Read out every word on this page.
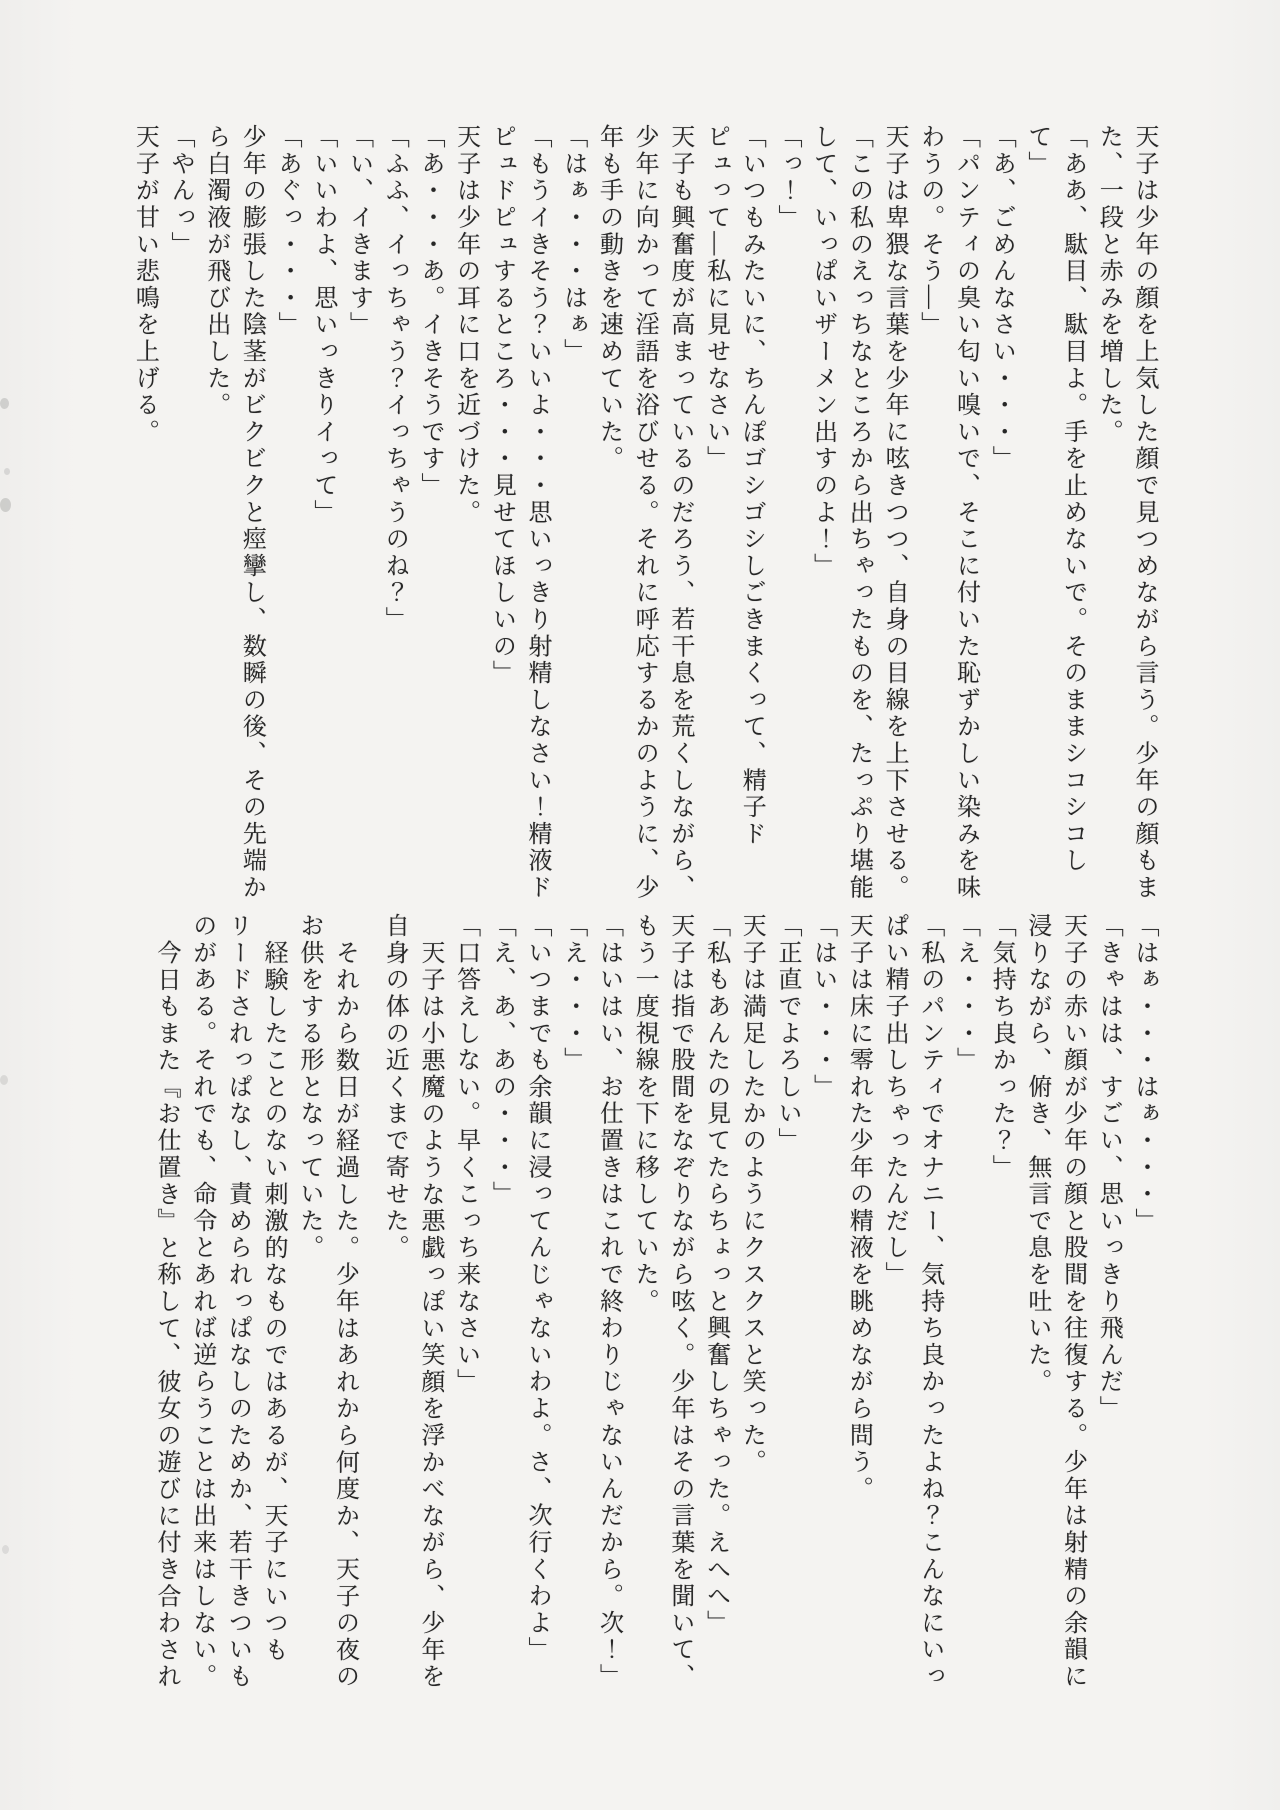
天子は少年の顔を上気した顔で見つめながら言う。少年の顔もまた、一段と赤みを増した。

「ああ、駄目、駄目よ。手を止めないで。そのままシコシコして」

「あ、ごめんなさい・・・」

「パンティの臭い匂い嗅いで、そこに付いた恥ずかしい染みを味わうの。そう―」

天子は卑猥な言葉を少年に呟きつつ、自身の目線を上下させる。

「この私のえっちなところから出ちゃったものを、たっぷり堪能して、いっぱいザーメン出すのよ！」

「っ！」

「いつもみたいに、ちんぽゴシゴシしごきまくって、精子ドピュって―私に見せなさい」

天子も興奮度が高まっているのだろう、若干息を荒くしながら、少年に向かって淫語を浴びせる。それに呼応するかのように、少年も手の動きを速めていた。

「はぁ・・・はぁ」

「もうイきそう？いいよ・・・思いっきり射精しなさい！精液ドピュドピュするところ・・・見せてほしいの」

天子は少年の耳に口を近づけた。

「あ・・・あ。イきそうです」

「ふふ、イっちゃう？イっちゃうのね？」

「い、イきます」

「いいわよ、思いっきりイって」

「あぐっ・・・」

少年の膨張した陰茎がビクビクと痙攣し、数瞬の後、その先端から白濁液が飛び出した。

「やんっ」

天子が甘い悲鳴を上げる。

「はぁ・・・はぁ・・・」

「きゃはは、すごい、思いっきり飛んだ」

天子の赤い顔が少年の顔と股間を往復する。少年は射精の余韻に浸りながら、俯き、無言で息を吐いた。

「気持ち良かった？」

「え・・・」

「私のパンティでオナニー、気持ち良かったよね？こんなにいっぱい精子出しちゃったんだし」

天子は床に零れた少年の精液を眺めながら問う。

「はい・・・」

「正直でよろしい」

天子は満足したかのようにクスクスと笑った。

「私もあんたの見てたらちょっと興奮しちゃった。えへへ」

天子は指で股間をなぞりながら呟く。少年はその言葉を聞いて、もう一度視線を下に移していた。

「はいはい、お仕置きはこれで終わりじゃないんだから。次！」

「え・・・」

「いつまでも余韻に浸ってんじゃないわよ。さ、次行くわよ」

「え、あ、あの・・・」

「口答えしない。早くこっち来なさい」

天子は小悪魔のような悪戯っぽい笑顔を浮かべながら、少年を自身の体の近くまで寄せた。

それから数日が経過した。少年はあれから何度か、天子の夜のお供をする形となっていた。

経験したことのない刺激的なものではあるが、天子にいつもリードされっぱなし、責められっぱなしのためか、若干きついものがある。それでも、命令とあれば逆らうことは出来はしない。

今日もまた『お仕置き』と称して、彼女の遊びに付き合わされ
